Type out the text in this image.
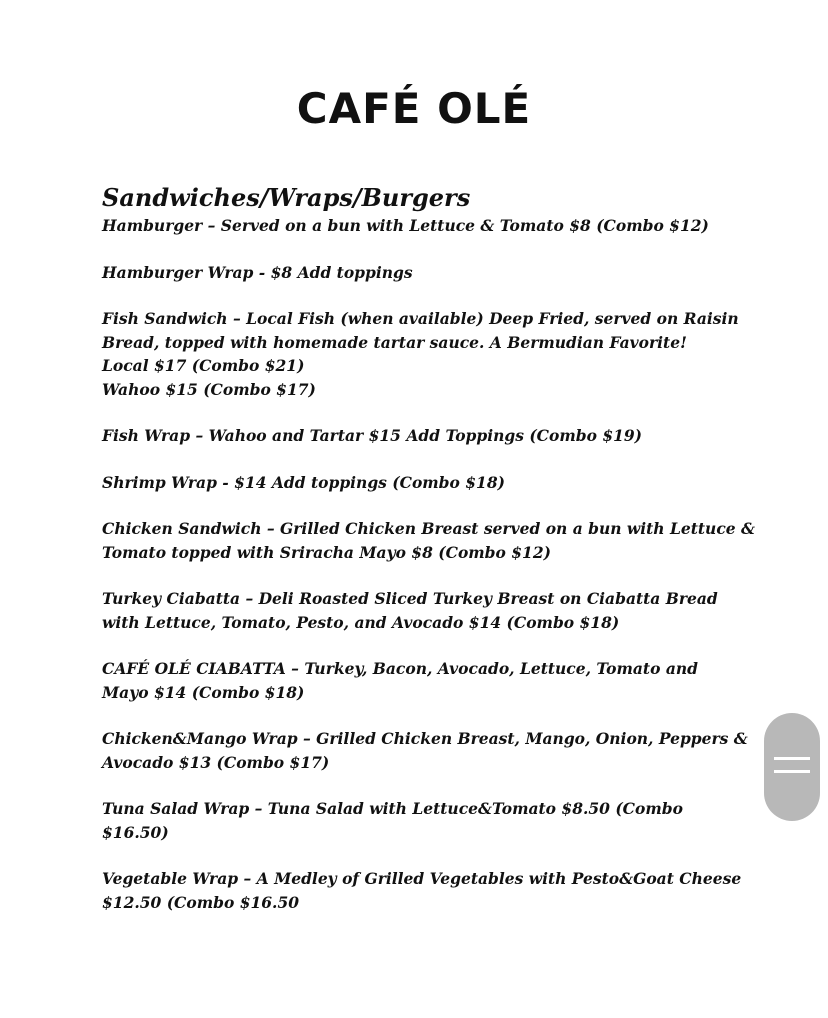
CAFÉ OLÉ
Sandwiches/Wraps/Burgers
Hamburger – Served on a bun with Lettuce & Tomato $8 (Combo $12)
Hamburger Wrap - $8 Add toppings
Fish Sandwich – Local Fish (when available) Deep Fried, served on Raisin
Bread, topped with homemade tartar sauce. A Bermudian Favorite!
Local $17 (Combo $21)
Wahoo $15 (Combo $17)
Fish Wrap – Wahoo and Tartar $15 Add Toppings (Combo $19)
Shrimp Wrap - $14 Add toppings (Combo $18)
Chicken Sandwich – Grilled Chicken Breast served on a bun with Lettuce &
Tomato topped with Sriracha Mayo $8 (Combo $12)
Turkey Ciabatta – Deli Roasted Sliced Turkey Breast on Ciabatta Bread
with Lettuce, Tomato, Pesto, and Avocado $14 (Combo $18)
CAFÉ OLÉ CIABATTA – Turkey, Bacon, Avocado, Lettuce, Tomato and
Mayo $14 (Combo $18)
Chicken&Mango Wrap – Grilled Chicken Breast, Mango, Onion, Peppers &
Avocado $13 (Combo $17)
Tuna Salad Wrap – Tuna Salad with Lettuce&Tomato $8.50 (Combo
$16.50)
Vegetable Wrap – A Medley of Grilled Vegetables with Pesto&Goat Cheese
$12.50 (Combo $16.50
